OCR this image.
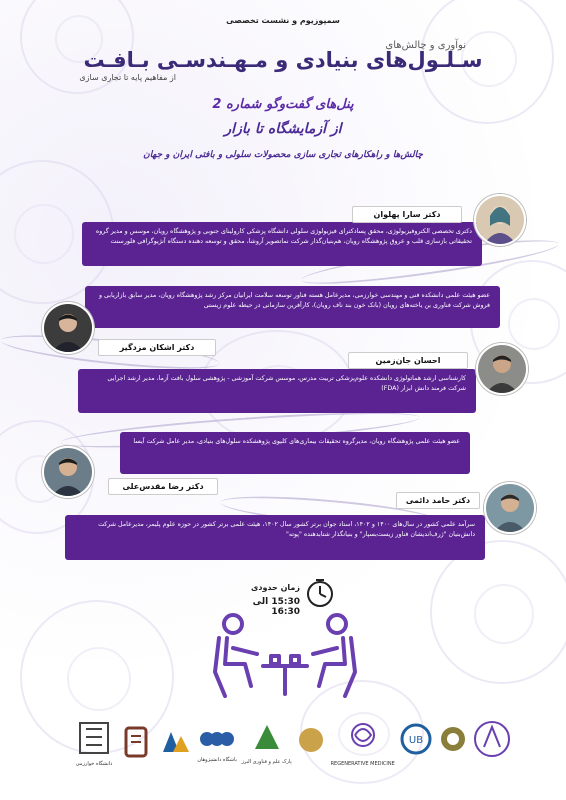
سمپوزیوم و نشست تخصصی
نوآوری و چالش‌های
سـلـول‌های بنیادی و مـهـندسـی بـافـت
از مفاهیم پایه تا تجاری سازی
پنل‌های گفت‌وگو شماره 2
از آزمایشگاه تا بازار
چالش‌ها و راهکارهای تجاری سازی محصولات سلولی و بافتی ایران و جهان
دکتری تخصصی الکتروفیزیولوژی، محقق پسادکترای فیزیولوژی سلولی دانشگاه پزشکی کارولینای جنوبی و پژوهشگاه رویان، موسس و مدیر گروه تحقیقاتی بازسازی قلب و عروق پژوهشگاه رویان، هم‌بنیان‌گذار شرکت نماتصویر آروشا، محقق و توسعه دهنده دستگاه آنژیوگرافی فلورسنت
دکتر سارا پهلوان
عضو هیئت علمی دانشکده فنی و مهندسی خوارزمی، مدیرعامل هسته فناور توسعه سلامت ایرانیان مرکز رشد پژوهشگاه رویان، مدیر سابق بازاریابی و فروش شرکت فناوری بن یاخته‌های رویان (بانک خون بند ناف رویان)، کارآفرین سازمانی در حیطه علوم زیستی
دکتر اشکان مزدگیر
کارشناسی ارشد هماتولوژی دانشکده علوم‌پزشکی تربیت مدرس، موسس شرکت آموزشی - پژوهشی سلول بافت آزما، مدیر ارشد اجرایی شرکت فرمند دانش ابزار (FDA)
احسان جان‌زمین
عضو هیئت علمی پژوهشگاه رویان، مدیرگروه تحقیقات بیماری‌های کلیوی پژوهشکده سلول‌های بنیادی، مدیر عامل شرکت آیسا
دکتر رضا مقدس‌علی
سرآمد علمی کشور در سال‌های ۱۴۰۰ و ۱۴۰۲، استاد جوان برتر کشور سال ۱۴۰۲، هیئت علمی برتر کشور در حوزه علوم پلیمر، مدیرعامل شرکت دانش‌بنیان "ژرف‌اندیشان فناور زیست‌بسپار" و بنیانگذار شتابدهنده "پوته"
دکتر حامد دائمی
زمان حدودی
15:30 الی 16:30
UB
REGENERATIVE MEDICINE
پارک علم و فناوری البرز
باشگاه دانشپژوهان
دانشگاه خوارزمی
